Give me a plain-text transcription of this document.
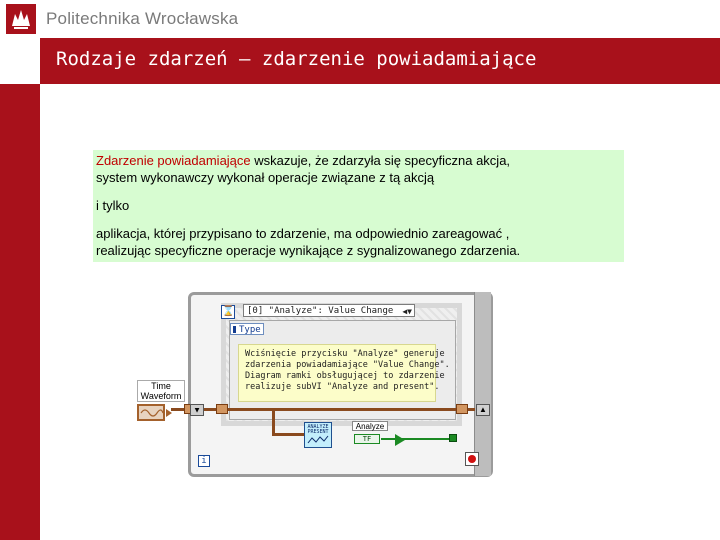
Politechnika Wrocławska
Rodzaje zdarzeń – zdarzenie powiadamiające

Zdarzenie powiadamiające wskazuje, że zdarzyła się specyficzna akcja,

system wykonawczy wykonał operacje związane z tą akcją

i tylko

aplikacja, której przypisano to zdarzenie, ma odpowiednio zareagować ,

realizując specyficzne operacje wynikające z sygnalizowanego zdarzenia.

⌛	[0] "Analyze": Value Change ◀▼
Type
Wciśnięcie przycisku "Analyze" generuje
zdarzenia powiadamiające "Value Change".
Diagram ramki obsługującej to zdarzenie
realizuje subVI "Analyze and present".
Time Waveform
▲	▲
ANALYZE PRESENT
Analyze
TF
i
